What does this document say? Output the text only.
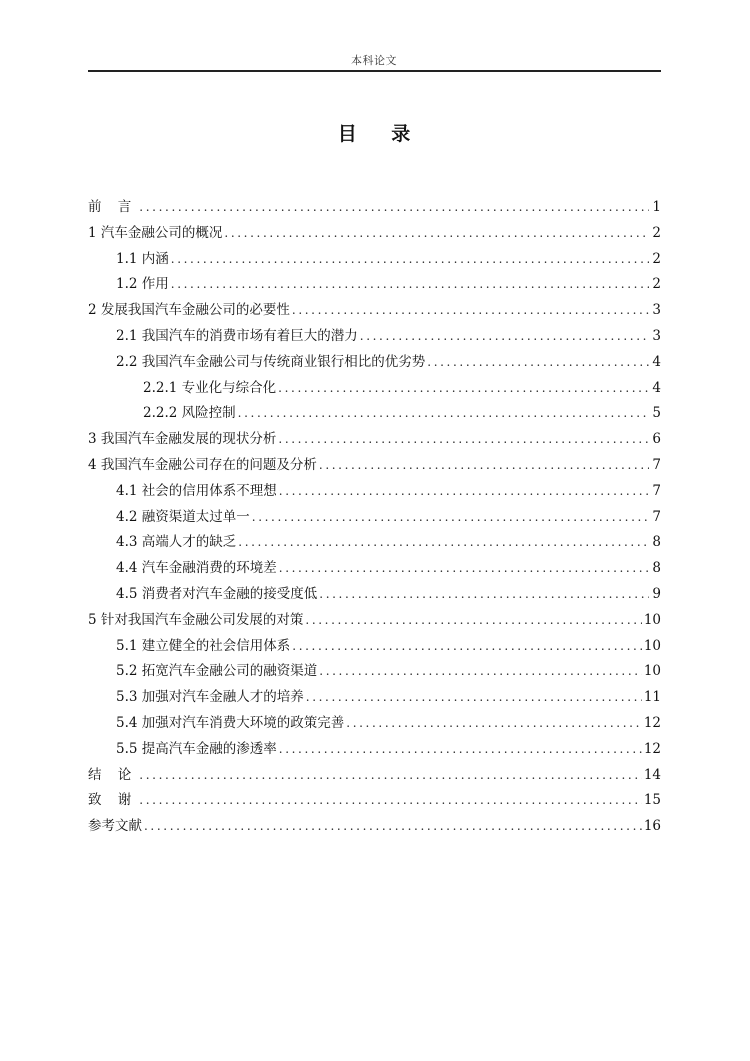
本科论文
目 录
前 言 . . .	1
1 汽车金融公司的概况 . . .	2
1.1 内涵 . . .	2
1.2 作用 . . .	2
2 发展我国汽车金融公司的必要性 . . .	3
2.1 我国汽车的消费市场有着巨大的潜力 . . .	3
2.2 我国汽车金融公司与传统商业银行相比的优劣势 . . .	4
2.2.1 专业化与综合化 . . .	4
2.2.2 风险控制 . . .	5
3 我国汽车金融发展的现状分析 . . .	6
4 我国汽车金融公司存在的问题及分析 . . .	7
4.1 社会的信用体系不理想 . . .	7
4.2 融资渠道太过单一 . . .	7
4.3 高端人才的缺乏 . . .	8
4.4 汽车金融消费的环境差 . . .	8
4.5 消费者对汽车金融的接受度低 . . .	9
5 针对我国汽车金融公司发展的对策 . . .	10
5.1 建立健全的社会信用体系 . . .	10
5.2 拓宽汽车金融公司的融资渠道 . . .	10
5.3 加强对汽车金融人才的培养 . . .	11
5.4 加强对汽车消费大环境的政策完善 . . .	12
5.5 提高汽车金融的渗透率 . . .	12
结 论 . . .	14
致 谢 . . .	15
参考文献 . . .	16
